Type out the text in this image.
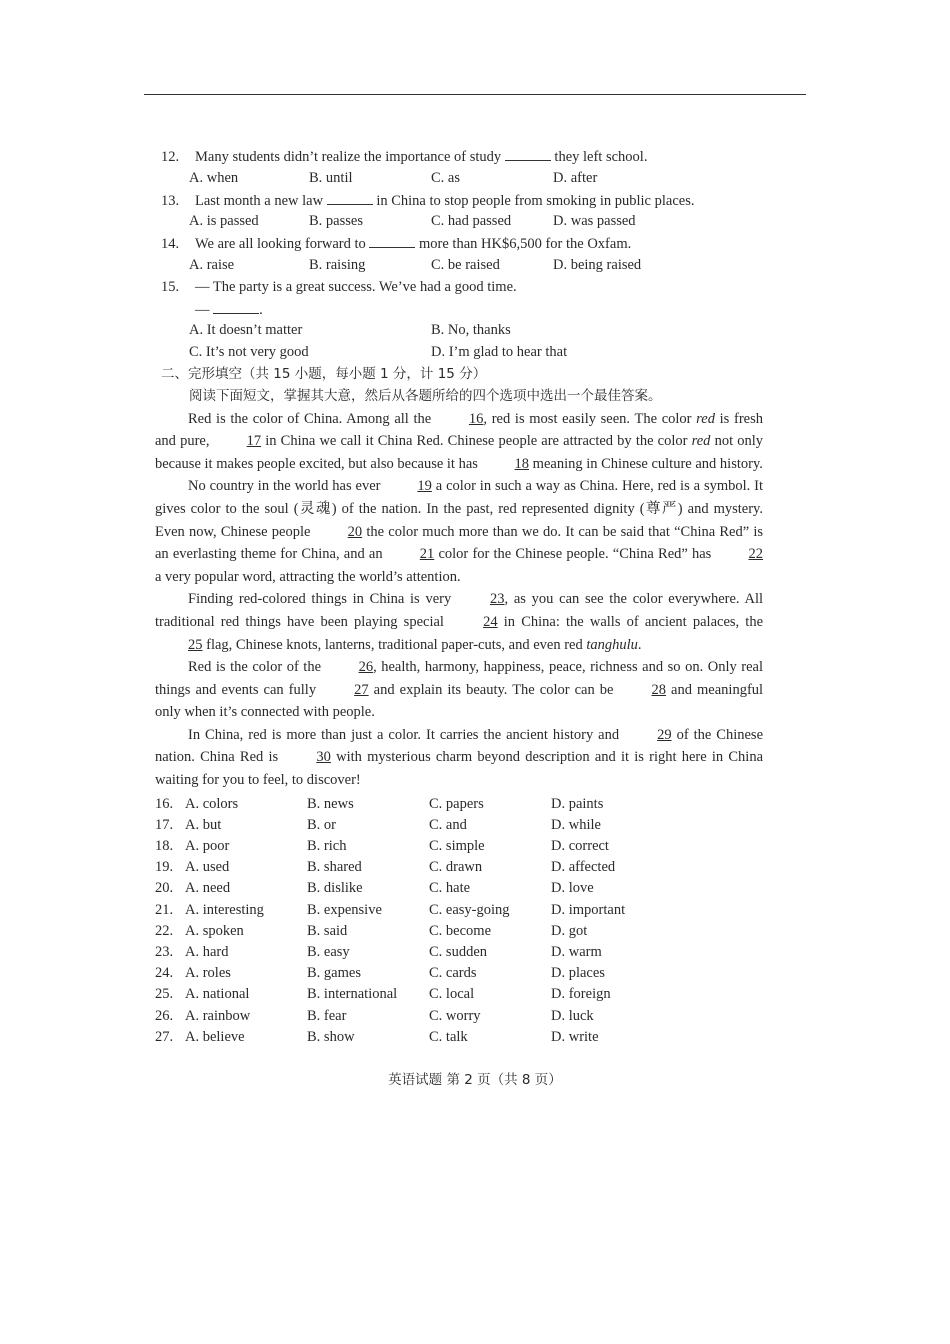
12. Many students didn’t realize the importance of study	they left school.
A. when	B. until	C. as	D. after
13. Last month a new law	in China to stop people from smoking in public places.
A. is passed	B. passes	C. had passed	D. was passed
14. We are all looking forward to	more than HK$6,500 for the Oxfam.
A. raise	B. raising	C. be raised	D. being raised
15. — The party is a great success. We’ve had a good time.
—	.
A. It doesn’t matter	B. No, thanks
C. It’s not very good	D. I’m glad to hear that
二、完形填空（共 15 小题，每小题 1 分，计 15 分）
阅读下面短文，掌握其大意，然后从各题所给的四个选项中选出一个最佳答案。

Red is the color of China. Among all the	16, red is most easily seen. The color red is fresh and pure,	17 in China we call it China Red. Chinese people are attracted by the color red not only because it makes people excited, but also because it has	18 meaning in Chinese culture and history.

No country in the world has ever	19 a color in such a way as China. Here, red is a symbol. It gives color to the soul (灵魂) of the nation. In the past, red represented dignity (尊严) and mystery. Even now, Chinese people	20 the color much more than we do. It can be said that “China Red” is an everlasting theme for China, and an	21 color for the Chinese people. “China Red” has	22 a very popular word, attracting the world’s attention.

Finding red-colored things in China is very	23, as you can see the color everywhere. All traditional red things have been playing special	24 in China: the walls of ancient palaces, the 25 flag, Chinese knots, lanterns, traditional paper-cuts, and even red tanghulu.

Red is the color of the	26, health, harmony, happiness, peace, richness and so on. Only real things and events can fully	27 and explain its beauty. The color can be	28 and meaningful only when it’s connected with people.

In China, red is more than just a color. It carries the ancient history and	29 of the Chinese nation. China Red is	30 with mysterious charm beyond description and it is right here in China waiting for you to feel, to discover!

16. A. colors	B. news	C. papers	D. paints
17. A. but	B. or	C. and	D. while
18. A. poor	B. rich	C. simple	D. correct
19. A. used	B. shared	C. drawn	D. affected
20. A. need	B. dislike	C. hate	D. love
21. A. interesting	B. expensive	C. easy-going	D. important
22. A. spoken	B. said	C. become	D. got
23. A. hard	B. easy	C. sudden	D. warm
24. A. roles	B. games	C. cards	D. places
25. A. national	B. international C. local	D. foreign
26. A. rainbow	B. fear	C. worry	D. luck
27. A. believe	B. show	C. talk	D. write
英语试题 第 2 页（共 8 页）
